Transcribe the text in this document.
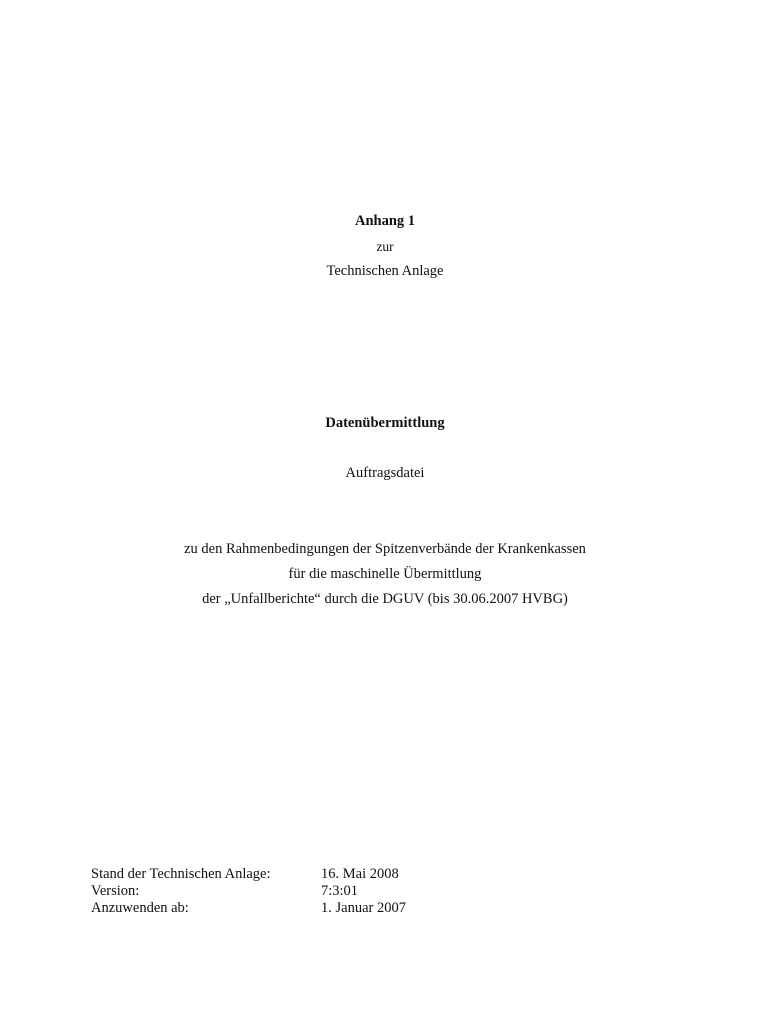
Anhang 1
zur
Technischen Anlage
Datenübermittlung
Auftragsdatei
zu den Rahmenbedingungen der Spitzenverbände der Krankenkassen
für die maschinelle Übermittlung
der „Unfallberichte“ durch die DGUV (bis 30.06.2007 HVBG)
Stand der Technischen Anlage:	16. Mai 2008
Version:	7:3:01
Anzuwenden ab:	1. Januar 2007
